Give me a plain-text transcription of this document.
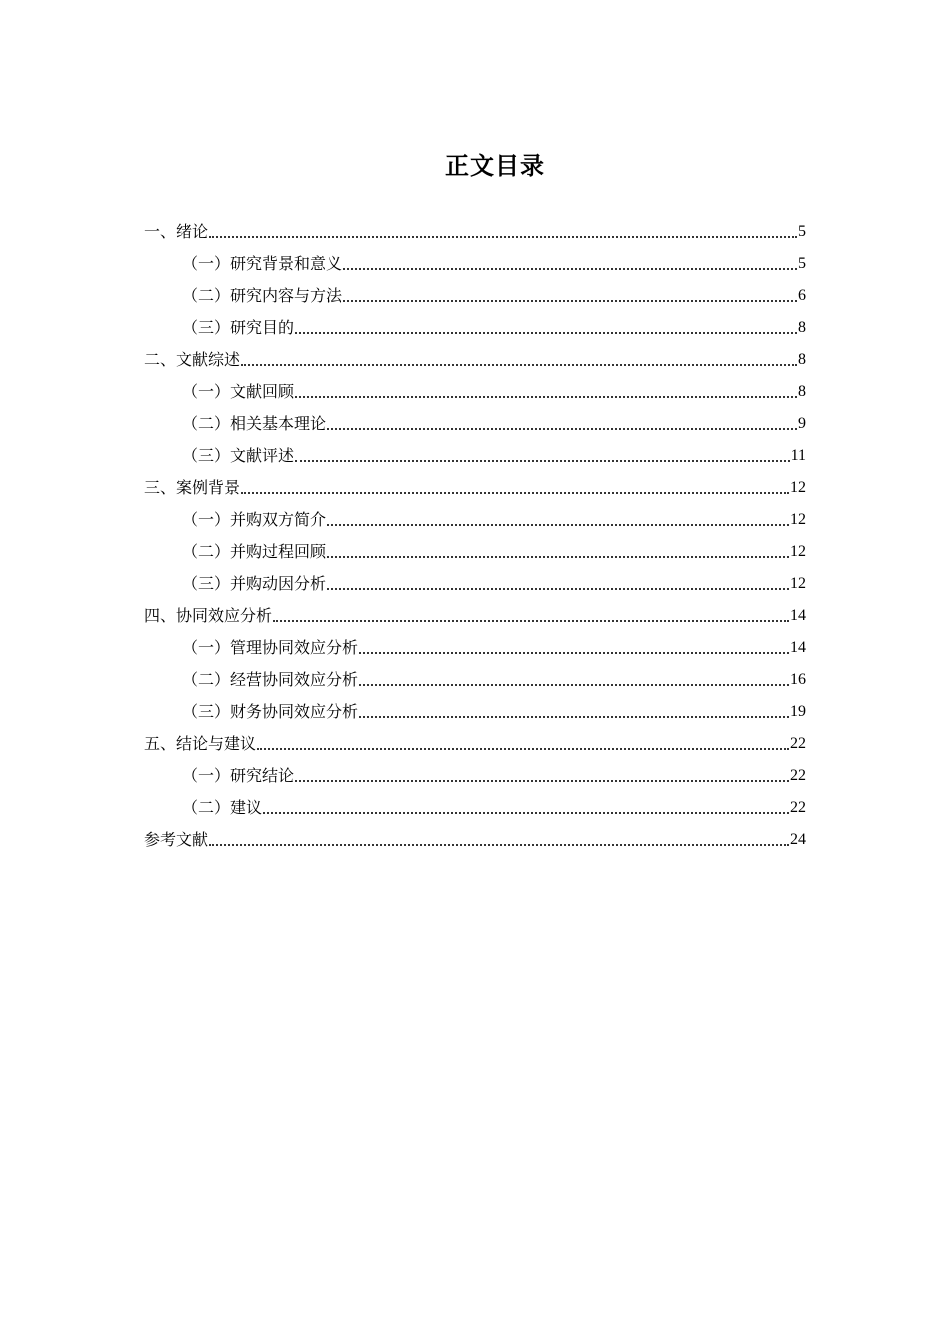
正文目录
一、绪论	5
（一）研究背景和意义	5
（二）研究内容与方法	6
（三）研究目的	8
二、文献综述	8
（一）文献回顾	8
（二）相关基本理论	9
（三）文献评述	11
三、案例背景	12
（一）并购双方简介	12
（二）并购过程回顾	12
（三）并购动因分析	12
四、协同效应分析	14
（一）管理协同效应分析	14
（二）经营协同效应分析	16
（三）财务协同效应分析	19
五、结论与建议	22
（一）研究结论	22
（二）建议	22
参考文献	24
